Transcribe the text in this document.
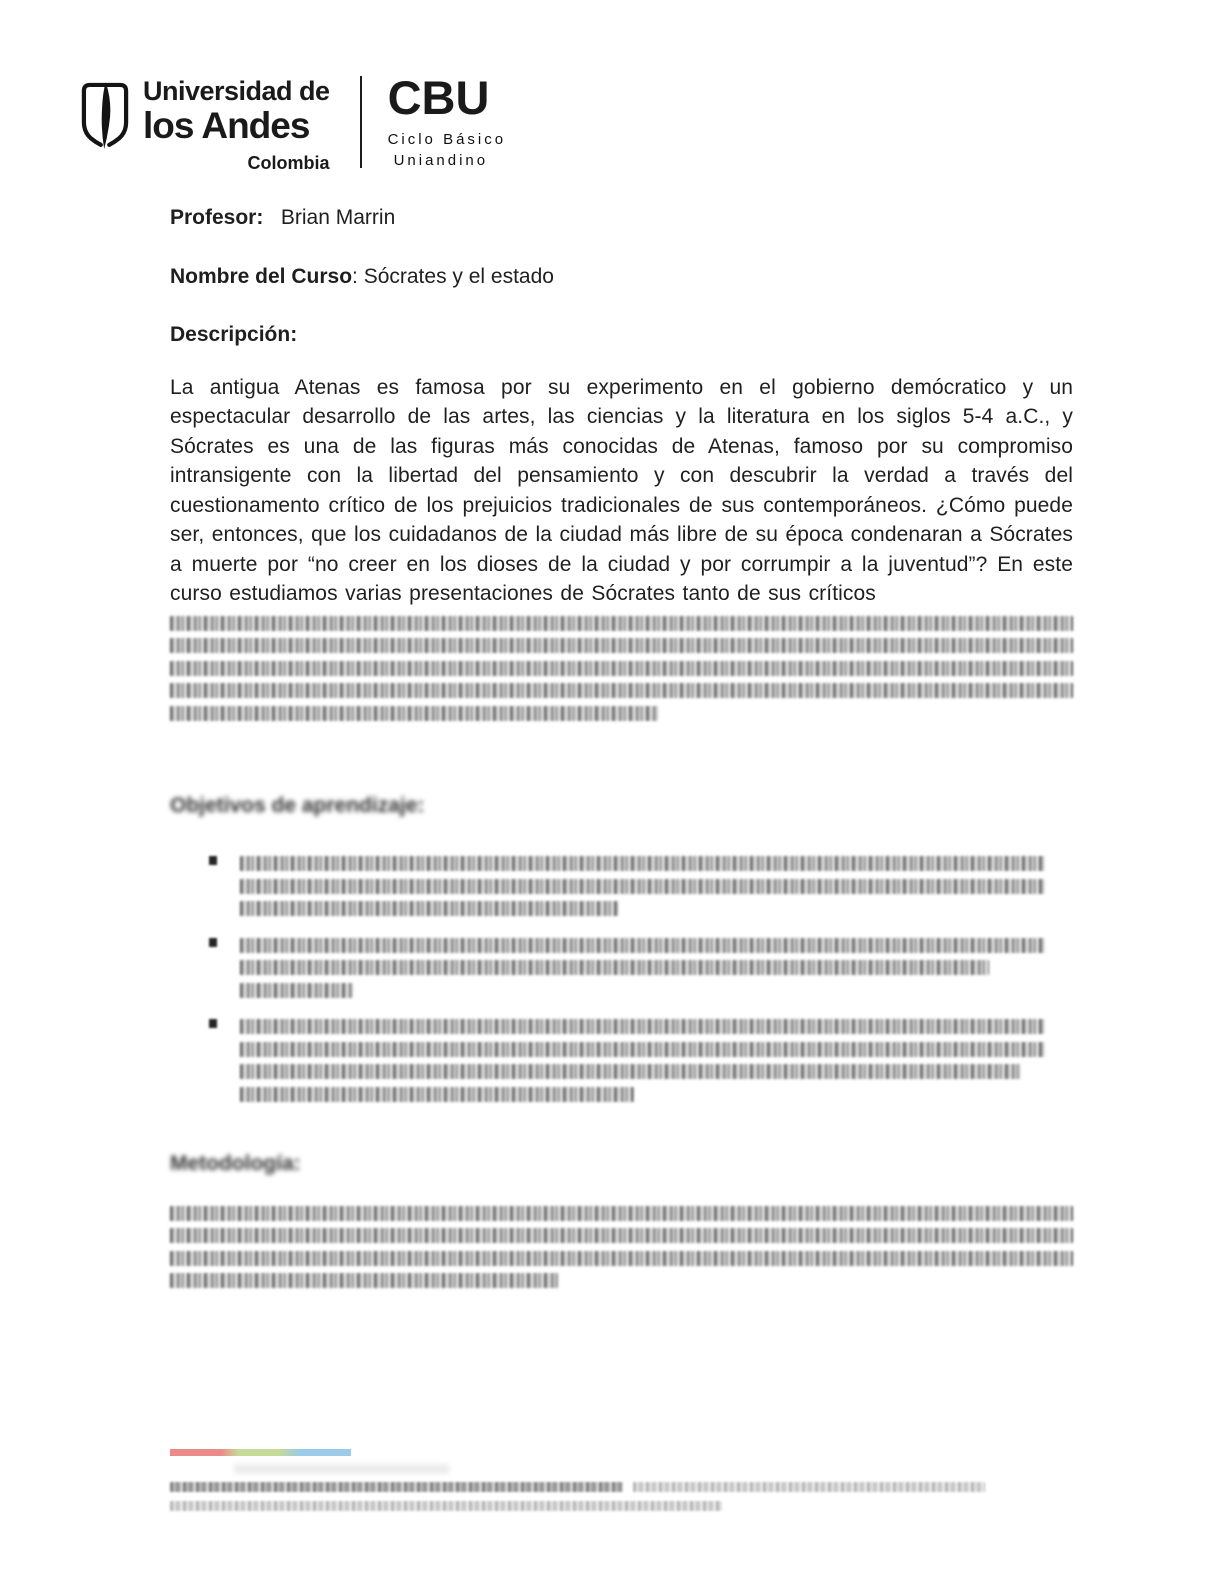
Universidad de
los Andes
Colombia
CBU
Ciclo Básico
Uniandino
Profesor: Brian Marrin
Nombre del Curso: Sócrates y el estado
Descripción:
La antigua Atenas es famosa por su experimento en el gobierno demócratico y un espectacular desarrollo de las artes, las ciencias y la literatura en los siglos 5-4 a.C., y Sócrates es una de las figuras más conocidas de Atenas, famoso por su compromiso intransigente con la libertad del pensamiento y con descubrir la verdad a través del cuestionamento crítico de los prejuicios tradicionales de sus contemporáneos. ¿Cómo puede ser, entonces, que los cuidadanos de la ciudad más libre de su época condenaran a Sócrates a muerte por “no creer en los dioses de la ciudad y por corrumpir a la juventud”? En este curso estudiamos varias presentaciones de Sócrates tanto de sus críticos
Objetivos de aprendizaje:
Metodología:
